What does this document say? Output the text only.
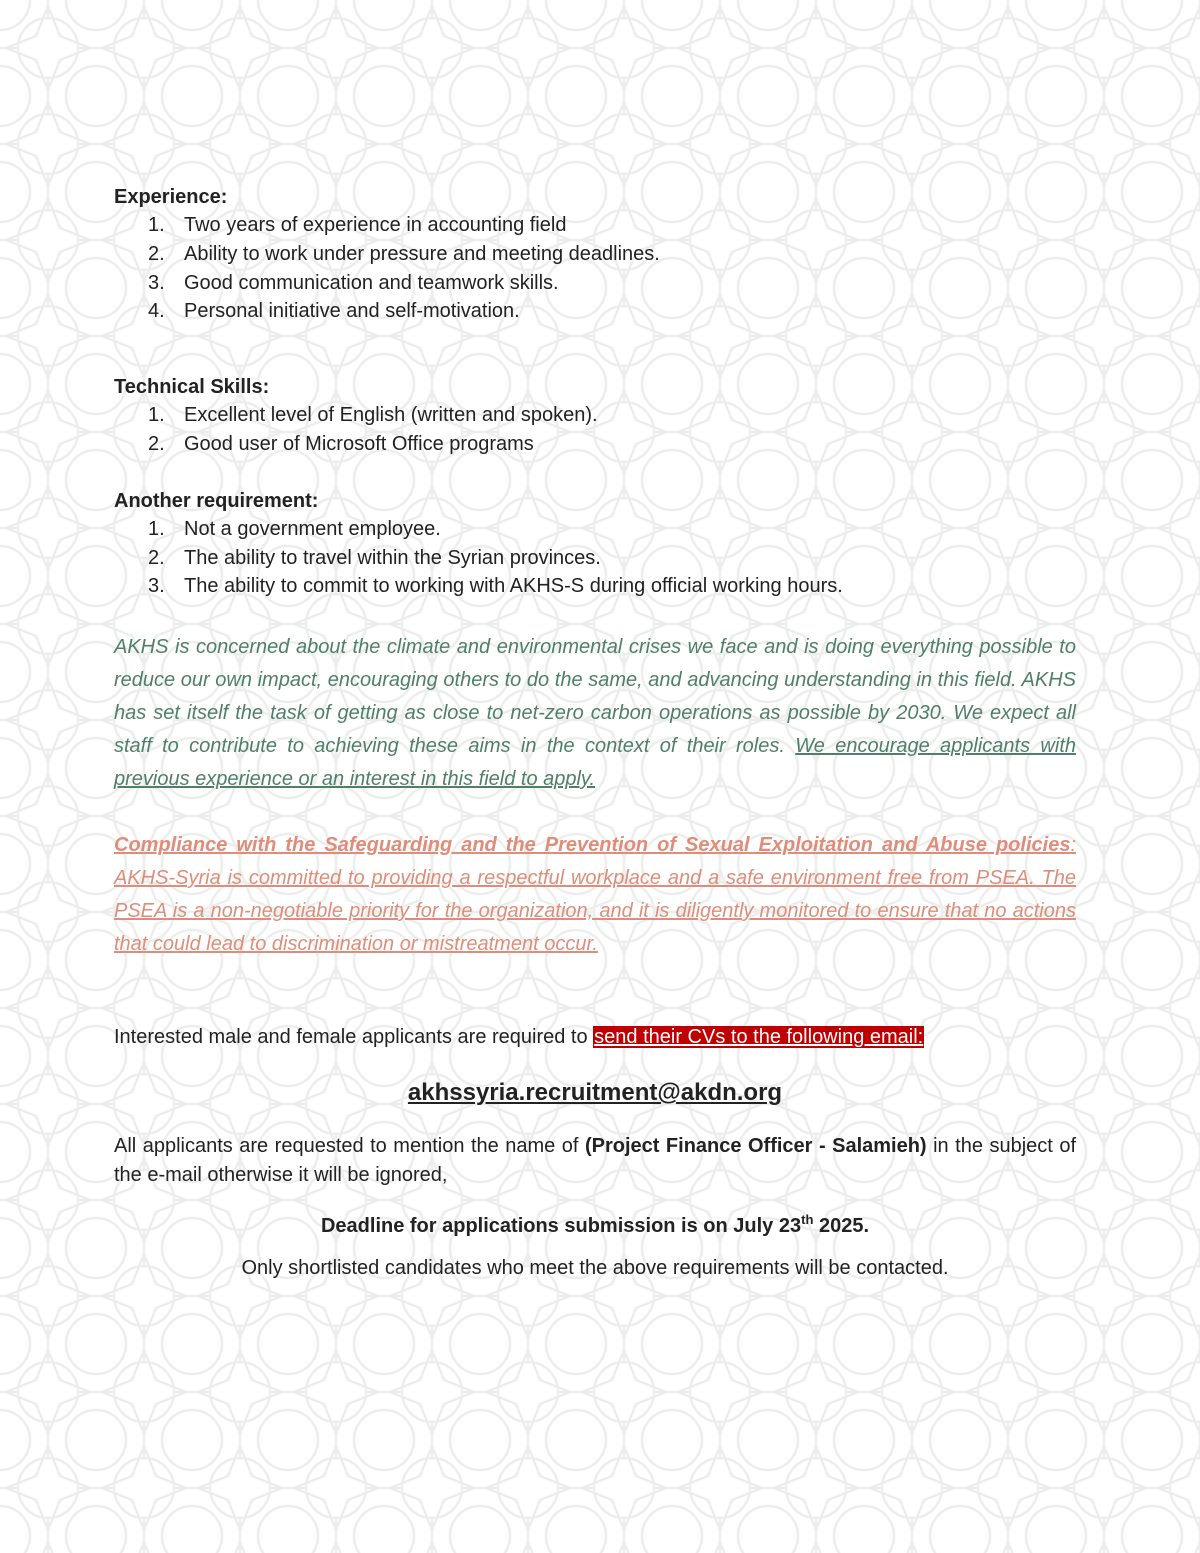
Experience:

1. Two years of experience in accounting field
2. Ability to work under pressure and meeting deadlines.
3. Good communication and teamwork skills.
4. Personal initiative and self-motivation.

Technical Skills:

1. Excellent level of English (written and spoken).
2. Good user of Microsoft Office programs

Another requirement:

1. Not a government employee.
2. The ability to travel within the Syrian provinces.
3. The ability to commit to working with AKHS-S during official working hours.

AKHS is concerned about the climate and environmental crises we face and is doing everything possible to reduce our own impact, encouraging others to do the same, and advancing understanding in this field. AKHS has set itself the task of getting as close to net-zero carbon operations as possible by 2030. We expect all staff to contribute to achieving these aims in the context of their roles. We encourage applicants with previous experience or an interest in this field to apply.

Compliance with the Safeguarding and the Prevention of Sexual Exploitation and Abuse policies: AKHS-Syria is committed to providing a respectful workplace and a safe environment free from PSEA. The PSEA is a non-negotiable priority for the organization, and it is diligently monitored to ensure that no actions that could lead to discrimination or mistreatment occur.

Interested male and female applicants are required to send their CVs to the following email:

akhssyria.recruitment@akdn.org

All applicants are requested to mention the name of (Project Finance Officer - Salamieh) in the subject of the e-mail otherwise it will be ignored,

Deadline for applications submission is on July 23th 2025.

Only shortlisted candidates who meet the above requirements will be contacted.
